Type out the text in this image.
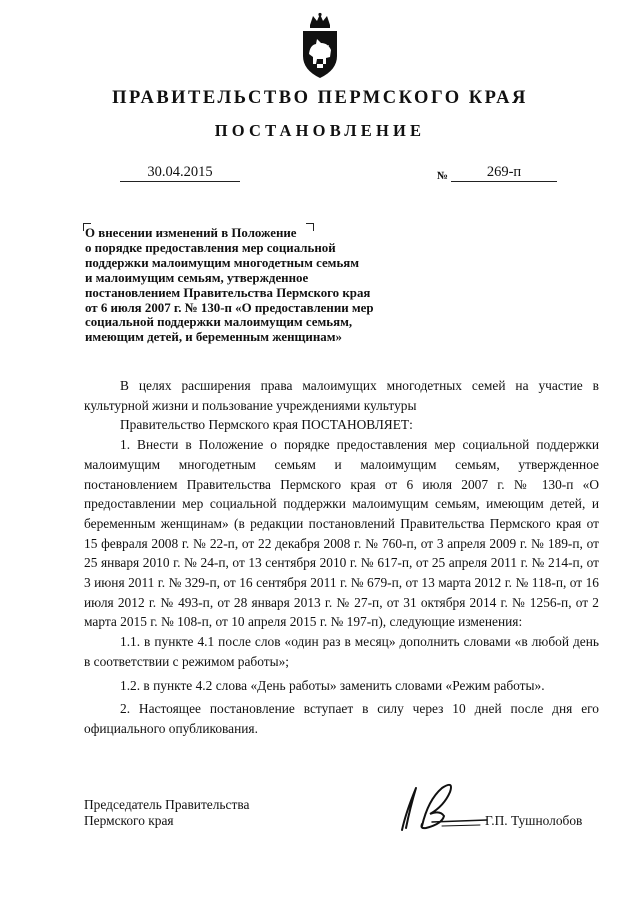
ПРАВИТЕЛЬСТВО ПЕРМСКОГО КРАЯ
ПОСТАНОВЛЕНИЕ
30.04.2015	№	269-п
О внесении изменений в Положение
о порядке предоставления мер социальной
поддержки малоимущим многодетным семьям
и малоимущим семьям, утвержденное
постановлением Правительства Пермского края
от 6 июля 2007 г. № 130-п «О предоставлении мер
социальной поддержки малоимущим семьям,
имеющим детей, и беременным женщинам»

В целях расширения права малоимущих многодетных семей на участие в культурной жизни и пользование учреждениями культуры

Правительство Пермского края ПОСТАНОВЛЯЕТ:

1. Внести в Положение о порядке предоставления мер социальной поддержки малоимущим многодетным семьям и малоимущим семьям, утвержденное постановлением Правительства Пермского края от 6 июля 2007 г. № 130-п «О предоставлении мер социальной поддержки малоимущим семьям, имеющим детей, и беременным женщинам» (в редакции постановлений Правительства Пермского края от 15 февраля 2008 г. № 22-п, от 22 декабря 2008 г. № 760-п, от 3 апреля 2009 г. № 189-п, от 25 января 2010 г. № 24-п, от 13 сентября 2010 г. № 617-п, от 25 апреля 2011 г. № 214-п, от 3 июня 2011 г. № 329-п, от 16 сентября 2011 г. № 679-п, от 13 марта 2012 г. № 118-п, от 16 июля 2012 г. № 493-п, от 28 января 2013 г. № 27-п, от 31 октября 2014 г. № 1256-п, от 2 марта 2015 г. № 108-п, от 10 апреля 2015 г. № 197-п), следующие изменения:

1.1. в пункте 4.1 после слов «один раз в месяц» дополнить словами «в любой день в соответствии с режимом работы»;

1.2. в пункте 4.2 слова «День работы» заменить словами «Режим работы».

2. Настоящее постановление вступает в силу через 10 дней после дня его официального опубликования.

Председатель Правительства
Пермского края	Г.П. Тушнолобов
